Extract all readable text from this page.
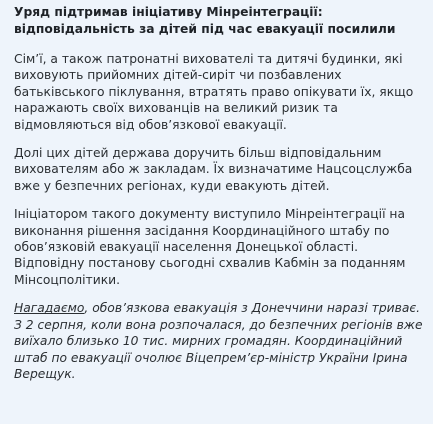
Уряд підтримав ініціативу Мінреінтеграції: відповідальність за дітей під час евакуації посилили

Сім’ї, а також патронатні вихователі та дитячі будинки, які виховують прийомних дітей-сиріт чи позбавлених батьківського піклування, втратять право опікувати їх, якщо наражають своїх вихованців на великий ризик та відмовляються від обов’язкової евакуації.

Долі цих дітей держава доручить більш відповідальним вихователям або ж закладам. Їх визначатиме Нацсоцслужба вже у безпечних регіонах, куди евакують дітей.

Ініціатором такого документу виступило Мінреінтеграції на виконання рішення засідання Координаційного штабу по обов’язковій евакуації населення Донецької області. Відповідну постанову сьогодні схвалив Кабмін за поданням Мінсоцполітики.

Нагадаємо, обов’язкова евакуація з Донеччини наразі триває. З 2 серпня, коли вона розпочалася, до безпечних регіонів вже виїхало близько 10 тис. мирних громадян. Координаційний штаб по евакуації очолює Віцепрем’єр-міністр України Ірина Верещук.
